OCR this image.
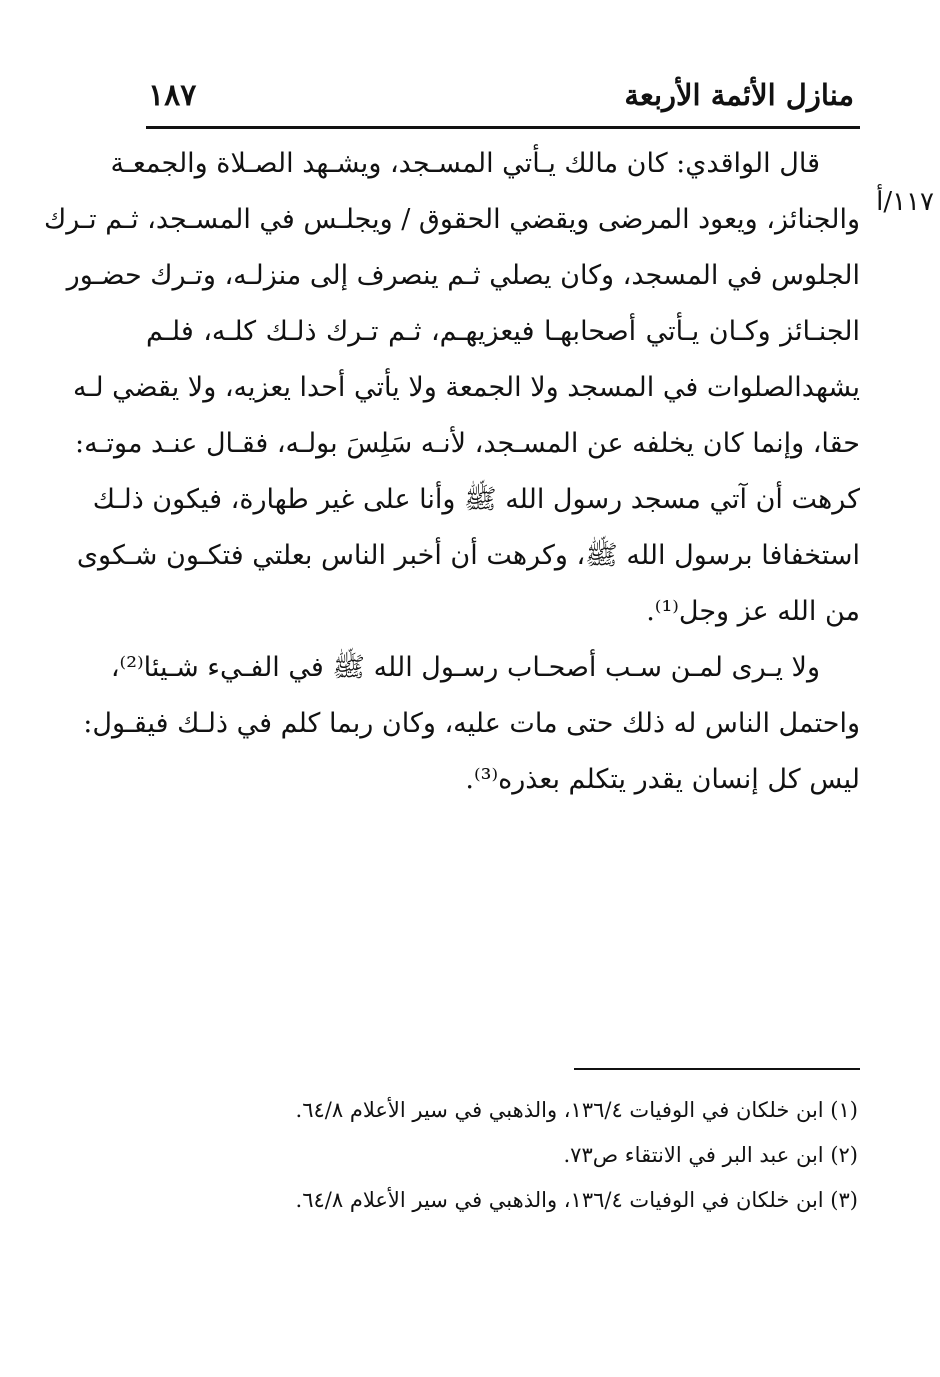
منازل الأئمة الأربعة
١٨٧
١١٧/أ
قال الواقدي: كان مالك يـأتي المسـجد، ويشـهد الصـلاة والجمعـة
والجنائز، ويعود المرضى ويقضي الحقوق / ويجلـس في المسـجد، ثـم تـرك
الجلوس في المسجد، وكان يصلي ثـم ينصرف إلى منزلـه، وتـرك حضـور
الجنـائز وكـان يـأتي أصحابهـا فيعزيهـم، ثـم تـرك ذلـك كلـه، فلـم
يشهدالصلوات في المسجد ولا الجمعة ولا يأتي أحدا يعزيه، ولا يقضي لـه
حقا، وإنما كان يخلفه عن المسـجد، لأنـه سَلِسَ بولـه، فقـال عنـد موتـه:
كرهت أن آتي مسجد رسول الله ﷺ وأنا على غير طهارة، فيكون ذلـك
استخفافا برسول الله ﷺ، وكرهت أن أخبر الناس بعلتي فتكـون شـكوى
من الله عز وجل⁽¹⁾.
ولا يـرى لمـن سـب أصحـاب رسـول الله ﷺ في الفـيء شـيئا⁽²⁾،
واحتمل الناس له ذلك حتى مات عليه، وكان ربما كلم في ذلـك فيقـول:
ليس كل إنسان يقدر يتكلم بعذره⁽³⁾.
(١) ابن خلكان في الوفيات ١٣٦/٤، والذهبي في سير الأعلام ٦٤/٨.
(٢) ابن عبد البر في الانتقاء ص٧٣.
(٣) ابن خلكان في الوفيات ١٣٦/٤، والذهبي في سير الأعلام ٦٤/٨.
